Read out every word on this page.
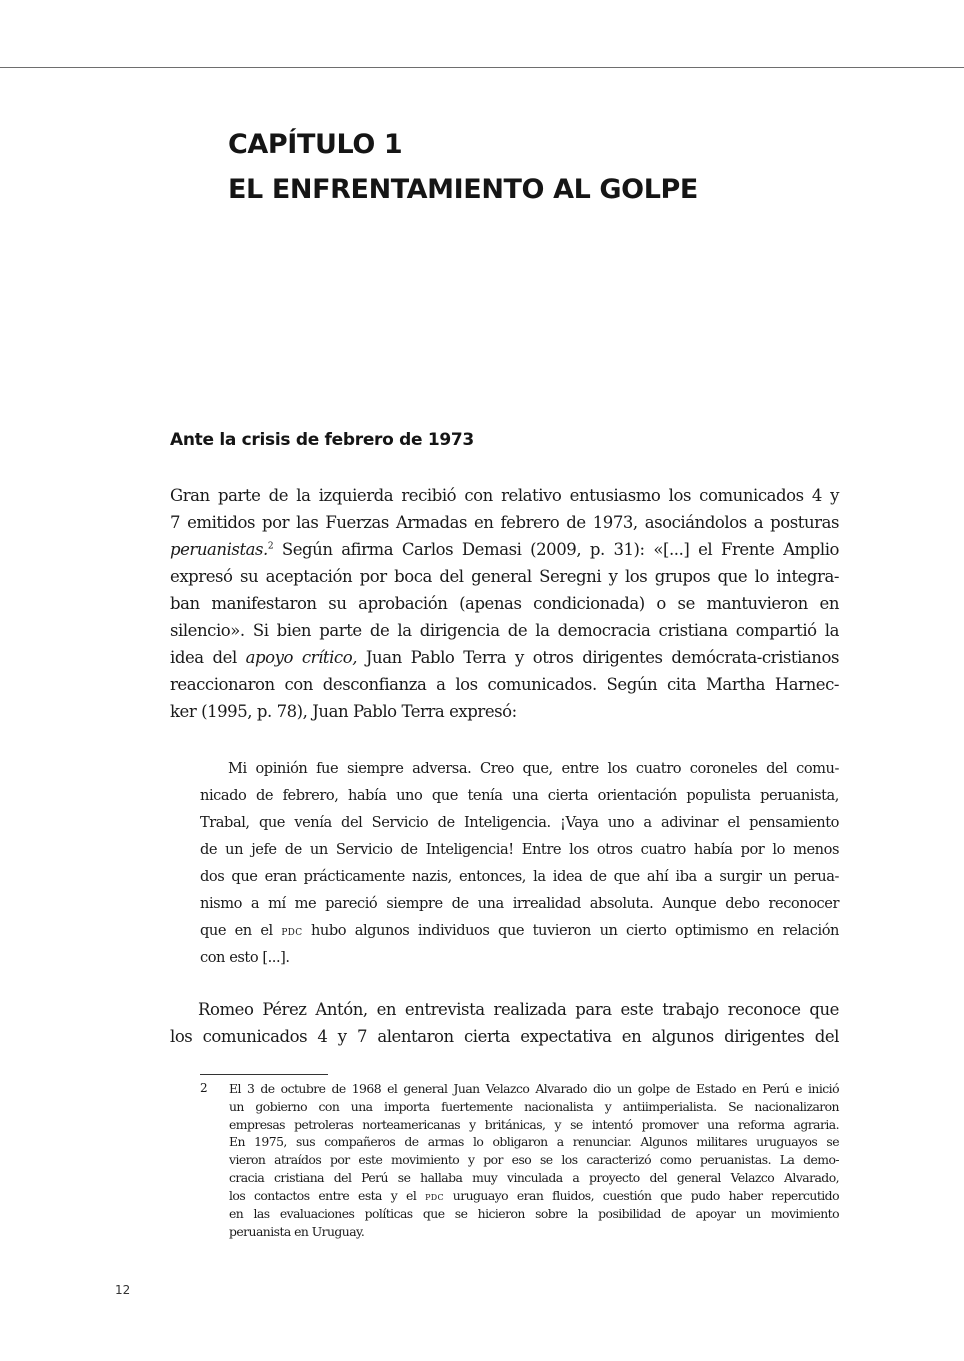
CAPÍTULO 1
EL ENFRENTAMIENTO AL GOLPE
Ante la crisis de febrero de 1973
Gran parte de la izquierda recibió con relativo entusiasmo los comunicados 4 y
7 emitidos por las Fuerzas Armadas en febrero de 1973, asociándolos a posturas
peruanistas.$^2$ Según afirma Carlos Demasi (2009, p. 31): «[...] el Frente Amplio
expresó su aceptación por boca del general Seregni y los grupos que lo integra-
ban manifestaron su aprobación (apenas condicionada) o se mantuvieron en
silencio». Si bien parte de la dirigencia de la democracia cristiana compartió la
idea del apoyo crítico, Juan Pablo Terra y otros dirigentes demócrata-cristianos
reaccionaron con desconfianza a los comunicados. Según cita Martha Harnec-
ker (1995, p. 78), Juan Pablo Terra expresó:
Mi opinión fue siempre adversa. Creo que, entre los cuatro coroneles del comu-
nicado de febrero, había uno que tenía una cierta orientación populista peruanista,
Trabal, que venía del Servicio de Inteligencia. ¡Vaya uno a adivinar el pensamiento
de un jefe de un Servicio de Inteligencia! Entre los otros cuatro había por lo menos
dos que eran prácticamente nazis, entonces, la idea de que ahí iba a surgir un perua-
nismo a mí me pareció siempre de una irrealidad absoluta. Aunque debo reconocer
que en el pdc hubo algunos individuos que tuvieron un cierto optimismo en relación
con esto [...].
Romeo Pérez Antón, en entrevista realizada para este trabajo reconoce que
los comunicados 4 y 7 alentaron cierta expectativa en algunos dirigentes del
2 El 3 de octubre de 1968 el general Juan Velazco Alvarado dio un golpe de Estado en Perú e inició
un gobierno con una importa fuertemente nacionalista y antiimperialista. Se nacionalizaron
empresas petroleras norteamericanas y británicas, y se intentó promover una reforma agraria.
En 1975, sus compañeros de armas lo obligaron a renunciar. Algunos militares uruguayos se
vieron atraídos por este movimiento y por eso se los caracterizó como peruanistas. La demo-
cracia cristiana del Perú se hallaba muy vinculada a proyecto del general Velazco Alvarado,
los contactos entre esta y el pdc uruguayo eran fluidos, cuestión que pudo haber repercutido
en las evaluaciones políticas que se hicieron sobre la posibilidad de apoyar un movimiento
peruanista en Uruguay.
12
